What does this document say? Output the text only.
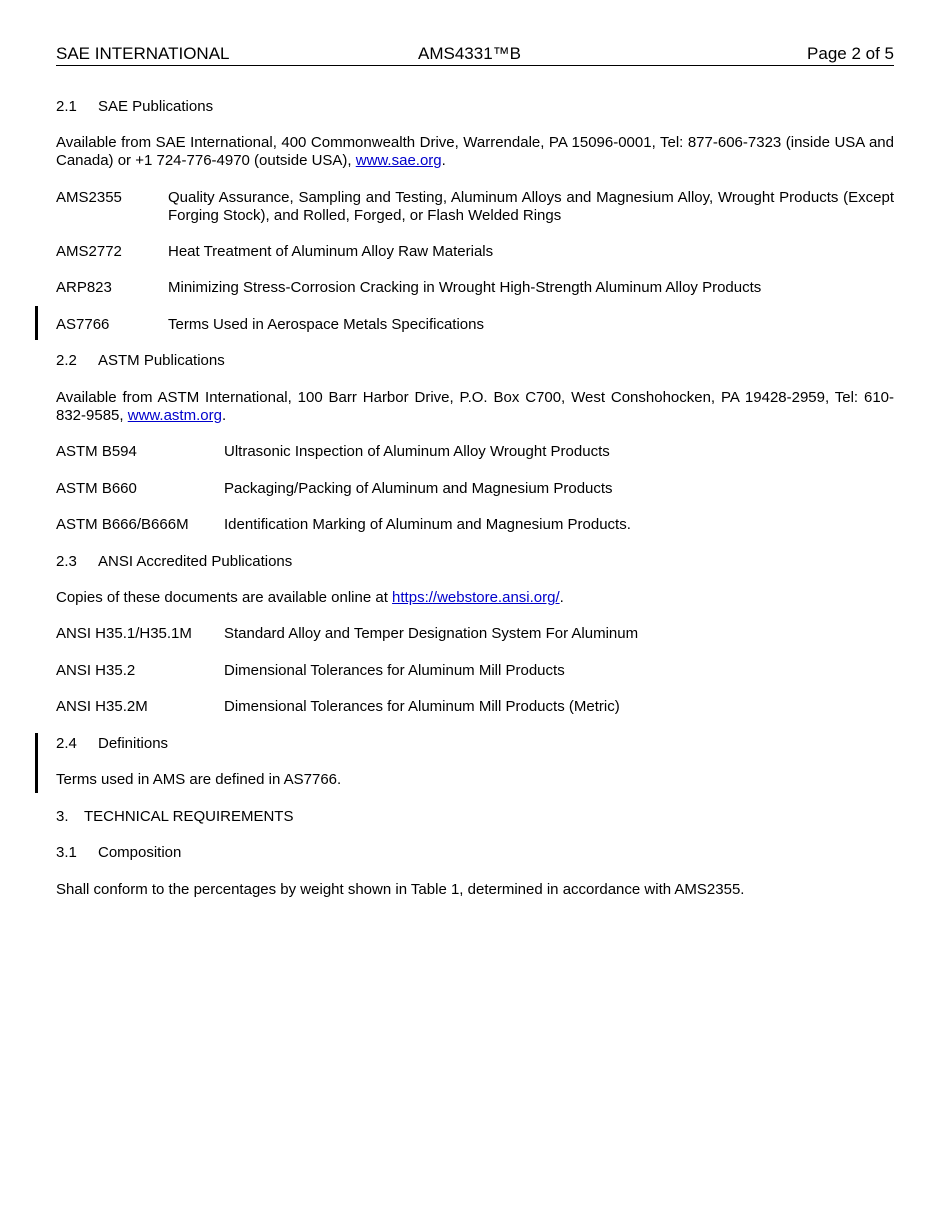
SAE INTERNATIONAL	AMS4331™B	Page 2 of 5
2.1 SAE Publications
Available from SAE International, 400 Commonwealth Drive, Warrendale, PA 15096-0001, Tel: 877-606-7323 (inside USA and Canada) or +1 724-776-4970 (outside USA), www.sae.org.
AMS2355	Quality Assurance, Sampling and Testing, Aluminum Alloys and Magnesium Alloy, Wrought Products (Except Forging Stock), and Rolled, Forged, or Flash Welded Rings
AMS2772	Heat Treatment of Aluminum Alloy Raw Materials
ARP823	Minimizing Stress-Corrosion Cracking in Wrought High-Strength Aluminum Alloy Products
AS7766	Terms Used in Aerospace Metals Specifications
2.2 ASTM Publications
Available from ASTM International, 100 Barr Harbor Drive, P.O. Box C700, West Conshohocken, PA 19428-2959, Tel: 610-832-9585, www.astm.org.
ASTM B594	Ultrasonic Inspection of Aluminum Alloy Wrought Products
ASTM B660	Packaging/Packing of Aluminum and Magnesium Products
ASTM B666/B666M Identification Marking of Aluminum and Magnesium Products.
2.3 ANSI Accredited Publications
Copies of these documents are available online at https://webstore.ansi.org/.
ANSI H35.1/H35.1M Standard Alloy and Temper Designation System For Aluminum
ANSI H35.2	Dimensional Tolerances for Aluminum Mill Products
ANSI H35.2M	Dimensional Tolerances for Aluminum Mill Products (Metric)
2.4 Definitions
Terms used in AMS are defined in AS7766.
3. TECHNICAL REQUIREMENTS
3.1 Composition
Shall conform to the percentages by weight shown in Table 1, determined in accordance with AMS2355.
